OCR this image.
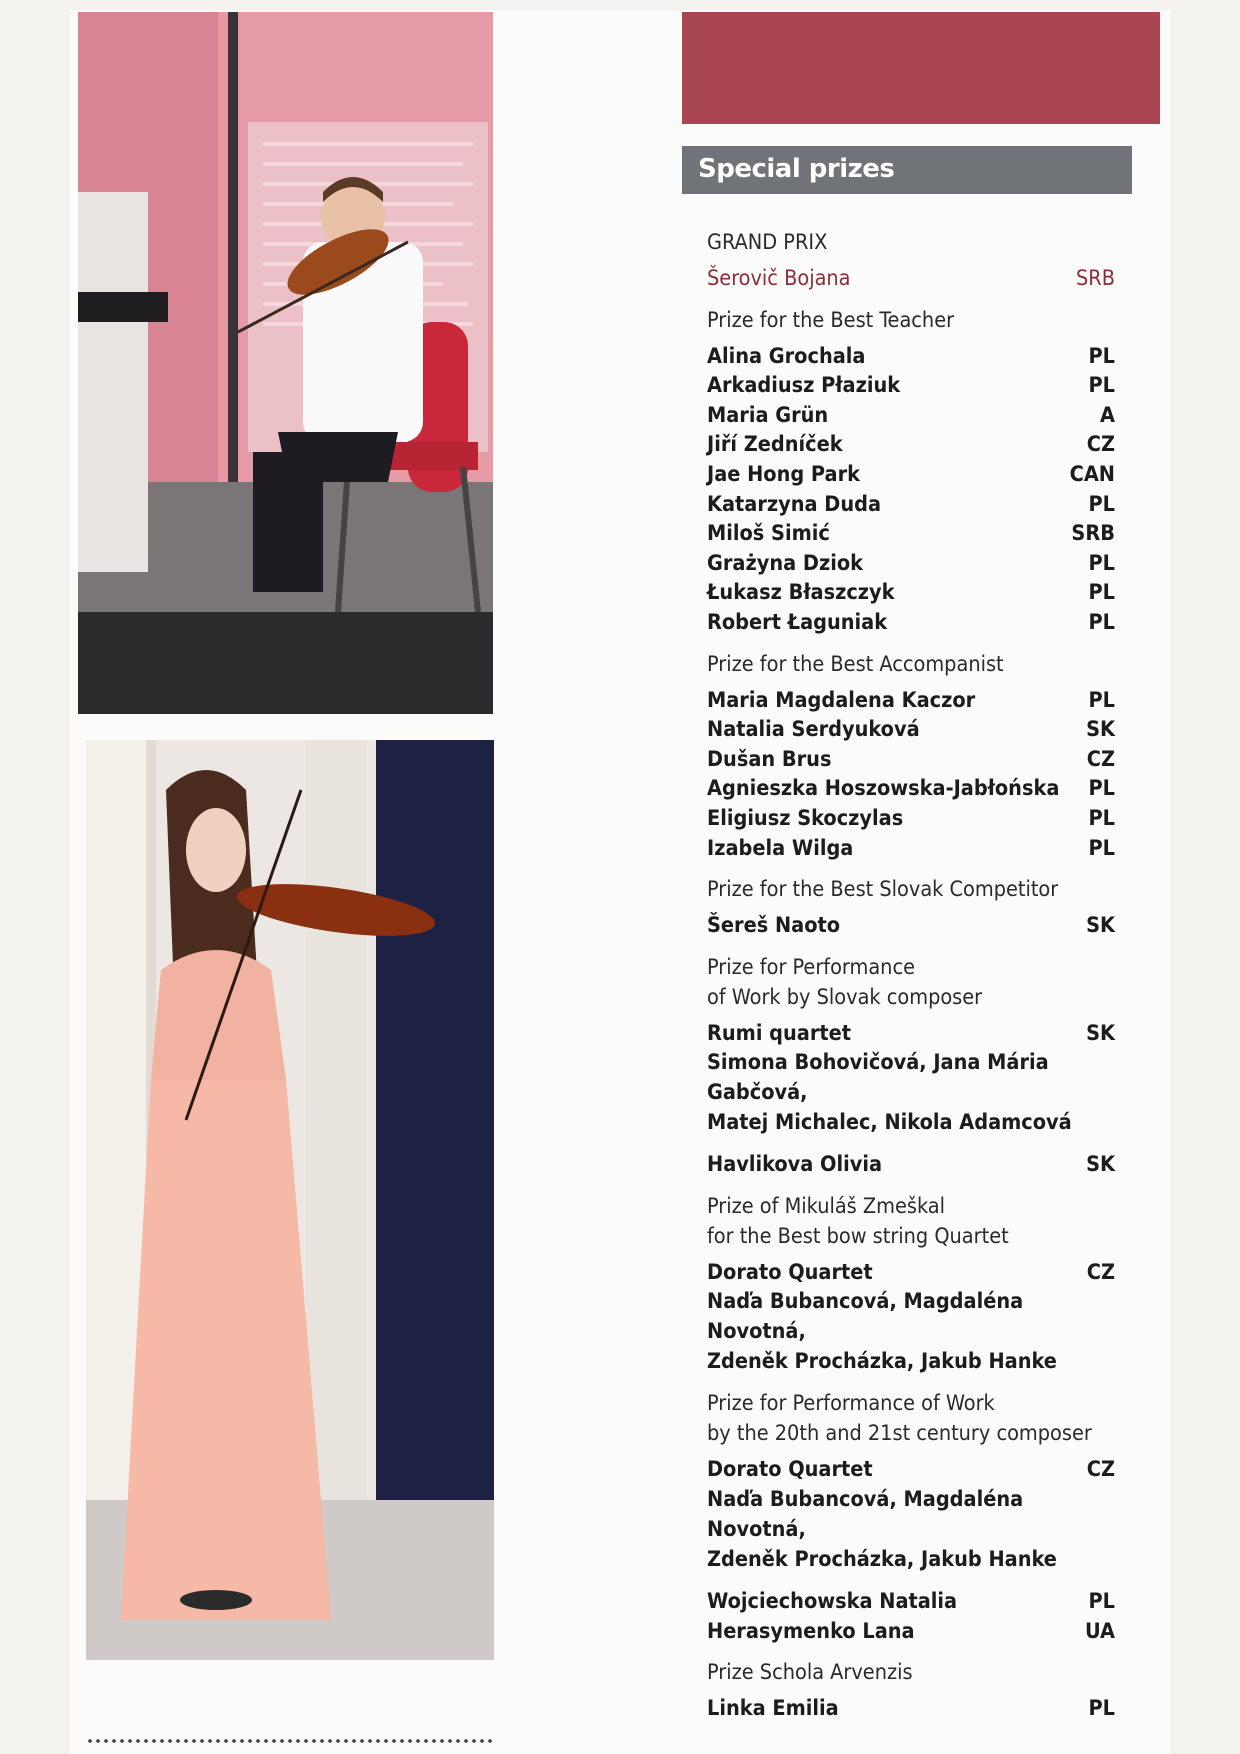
Special prizes
GRAND PRIX
Šerovič Bojana	SRB
Prize for the Best Teacher
Alina Grochala	PL
Arkadiusz Płaziuk	PL
Maria Grün	A
Jiří Zedníček	CZ
Jae Hong Park	CAN
Katarzyna Duda	PL
Miloš Simić	SRB
Grażyna Dziok	PL
Łukasz Błaszczyk	PL
Robert Łaguniak	PL
Prize for the Best Accompanist
Maria Magdalena Kaczor	PL
Natalia Serdyuková	SK
Dušan Brus	CZ
Agnieszka Hoszowska-Jabłońska PL
Eligiusz Skoczylas	PL
Izabela Wilga	PL
Prize for the Best Slovak Competitor
Šereš Naoto	SK
Prize for Performance
of Work by Slovak composer
Rumi quartet	SK
Simona Bohovičová, Jana Mária Gabčová,
Matej Michalec, Nikola Adamcová
Havlikova Olivia	SK
Prize of Mikuláš Zmeškal
for the Best bow string Quartet
Dorato Quartet	CZ
Naďa Bubancová, Magdaléna Novotná,
Zdeněk Procházka, Jakub Hanke
Prize for Performance of Work
by the 20th and 21st century composer
Dorato Quartet	CZ
Naďa Bubancová, Magdaléna Novotná,
Zdeněk Procházka, Jakub Hanke
Wojciechowska Natalia	PL
Herasymenko Lana	UA
Prize Schola Arvenzis
Linka Emilia	PL
